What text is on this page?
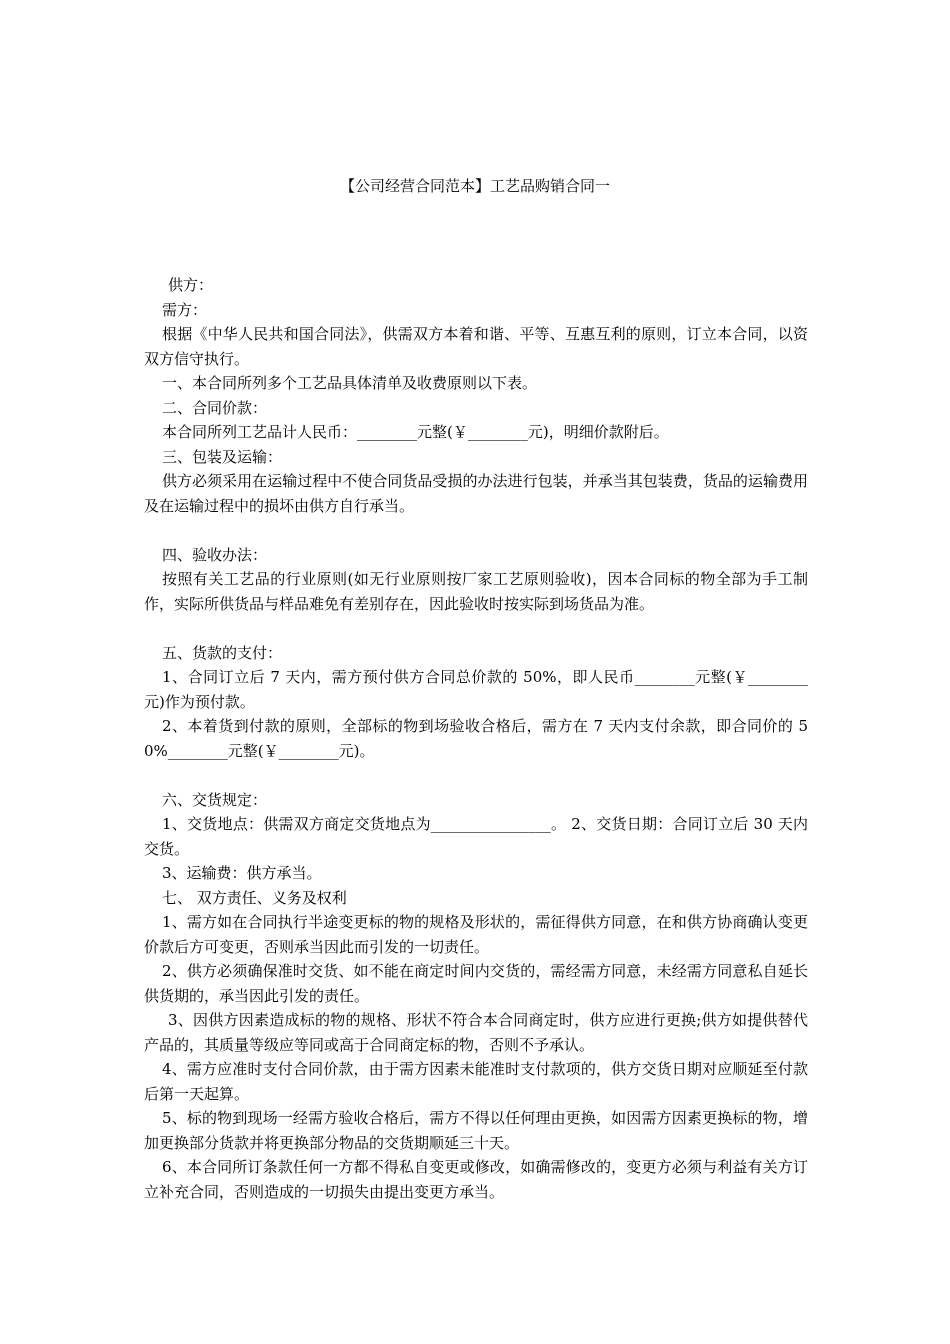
【公司经营合同范本】工艺品购销合同一

供方：

需方：

根据《中华人民共和国合同法》，供需双方本着和谐、平等、互惠互利的原则，订立本合同，以资双方信守执行。

一、本合同所列多个工艺品具体清单及收费原则以下表。

二、合同价款：

本合同所列工艺品计人民币：________元整(￥________元)，明细价款附后。

三、包装及运输：

供方必须采用在运输过程中不使合同货品受损的办法进行包装，并承当其包装费，货品的运输费用及在运输过程中的损坏由供方自行承当。

四、验收办法：

按照有关工艺品的行业原则(如无行业原则按厂家工艺原则验收)，因本合同标的物全部为手工制作，实际所供货品与样品难免有差别存在，因此验收时按实际到场货品为准。

五、货款的支付：

1、合同订立后 7 天内，需方预付供方合同总价款的 50%，即人民币________元整(￥________元)作为预付款。

2、本着货到付款的原则，全部标的物到场验收合格后，需方在 7 天内支付余款，即合同价的 50%________元整(￥________元)。

六、交货规定：

1、交货地点：供需双方商定交货地点为________________。 2、交货日期：合同订立后 30 天内交货。

3、运输费：供方承当。

七、 双方责任、义务及权利

1、需方如在合同执行半途变更标的物的规格及形状的，需征得供方同意，在和供方协商确认变更价款后方可变更，否则承当因此而引发的一切责任。

2、供方必须确保准时交货、如不能在商定时间内交货的，需经需方同意，未经需方同意私自延长供货期的，承当因此引发的责任。

3、因供方因素造成标的物的规格、形状不符合本合同商定时，供方应进行更换;供方如提供替代产品的，其质量等级应等同或高于合同商定标的物，否则不予承认。

4、需方应准时支付合同价款，由于需方因素未能准时支付款项的，供方交货日期对应顺延至付款后第一天起算。

5、标的物到现场一经需方验收合格后，需方不得以任何理由更换，如因需方因素更换标的物，增加更换部分货款并将更换部分物品的交货期顺延三十天。

6、本合同所订条款任何一方都不得私自变更或修改，如确需修改的，变更方必须与利益有关方订立补充合同，否则造成的一切损失由提出变更方承当。
